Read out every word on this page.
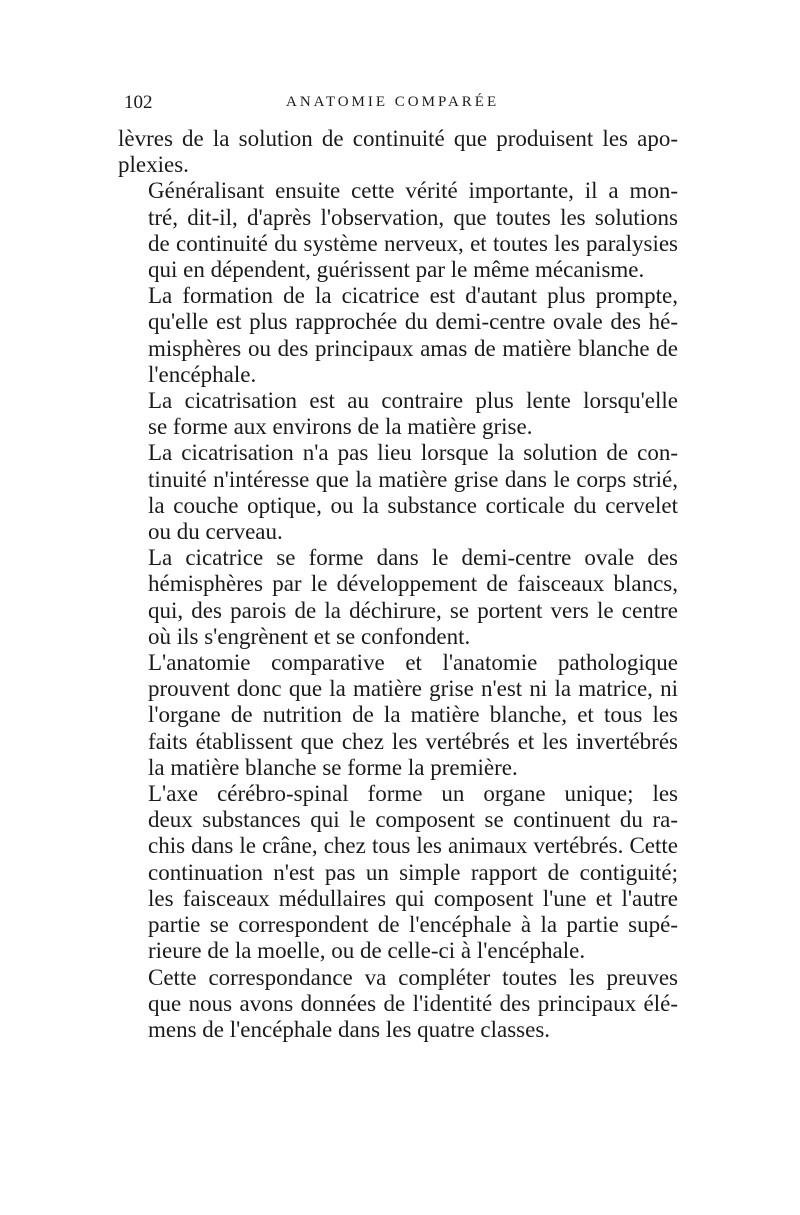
102	ANATOMIE COMPARÉE

lèvres de la solution de continuité que produisent les apo-
plexies.

Généralisant ensuite cette vérité importante, il a mon-
tré, dit-il, d'après l'observation, que toutes les solutions
de continuité du système nerveux, et toutes les paralysies
qui en dépendent, guérissent par le même mécanisme.

La formation de la cicatrice est d'autant plus prompte,
qu'elle est plus rapprochée du demi-centre ovale des hé-
misphères ou des principaux amas de matière blanche de
l'encéphale.

La cicatrisation est au contraire plus lente lorsqu'elle
se forme aux environs de la matière grise.

La cicatrisation n'a pas lieu lorsque la solution de con-
tinuité n'intéresse que la matière grise dans le corps strié,
la couche optique, ou la substance corticale du cervelet
ou du cerveau.

La cicatrice se forme dans le demi-centre ovale des
hémisphères par le développement de faisceaux blancs,
qui, des parois de la déchirure, se portent vers le centre
où ils s'engrènent et se confondent.

L'anatomie comparative et l'anatomie pathologique
prouvent donc que la matière grise n'est ni la matrice, ni
l'organe de nutrition de la matière blanche, et tous les
faits établissent que chez les vertébrés et les invertébrés
la matière blanche se forme la première.

L'axe cérébro-spinal forme un organe unique; les
deux substances qui le composent se continuent du ra-
chis dans le crâne, chez tous les animaux vertébrés. Cette
continuation n'est pas un simple rapport de contiguité;
les faisceaux médullaires qui composent l'une et l'autre
partie se correspondent de l'encéphale à la partie supé-
rieure de la moelle, ou de celle-ci à l'encéphale.

Cette correspondance va compléter toutes les preuves
que nous avons données de l'identité des principaux élé-
mens de l'encéphale dans les quatre classes.
